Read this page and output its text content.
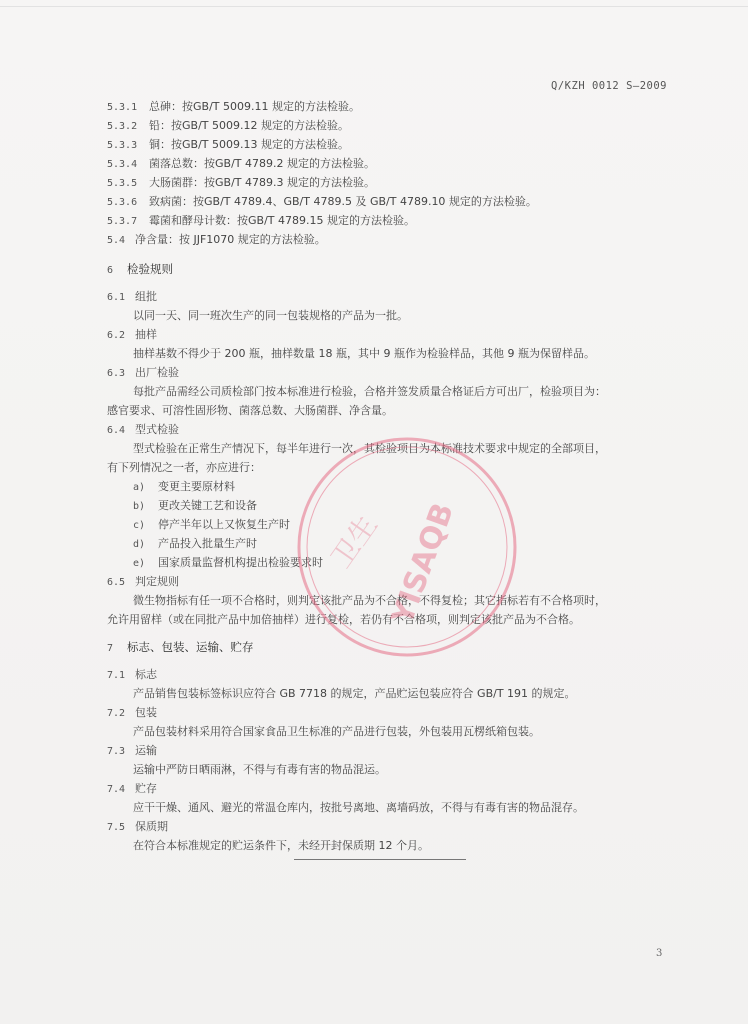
Q/KZH 0012 S—2009
5.3.1 总砷：按GB/T 5009.11 规定的方法检验。
5.3.2 铅：按GB/T 5009.12 规定的方法检验。
5.3.3 铜：按GB/T 5009.13 规定的方法检验。
5.3.4 菌落总数：按GB/T 4789.2 规定的方法检验。
5.3.5 大肠菌群：按GB/T 4789.3 规定的方法检验。
5.3.6 致病菌：按GB/T 4789.4、GB/T 4789.5 及 GB/T 4789.10 规定的方法检验。
5.3.7 霉菌和酵母计数：按GB/T 4789.15 规定的方法检验。
5.4 净含量：按 JJF1070 规定的方法检验。
6 检验规则
6.1 组批
以同一天、同一班次生产的同一包装规格的产品为一批。
6.2 抽样
抽样基数不得少于 200 瓶，抽样数量 18 瓶，其中 9 瓶作为检验样品，其他 9 瓶为保留样品。
6.3 出厂检验
每批产品需经公司质检部门按本标准进行检验，合格并签发质量合格证后方可出厂，检验项目为：
感官要求、可溶性固形物、菌落总数、大肠菌群、净含量。
6.4 型式检验
型式检验在正常生产情况下，每半年进行一次，其检验项目为本标准技术要求中规定的全部项目，
有下列情况之一者，亦应进行：
a) 变更主要原材料
b) 更改关键工艺和设备
c) 停产半年以上又恢复生产时
d) 产品投入批量生产时
e) 国家质量监督机构提出检验要求时
6.5 判定规则
微生物指标有任一项不合格时，则判定该批产品为不合格，不得复检；其它指标若有不合格项时，
允许用留样（或在同批产品中加倍抽样）进行复检，若仍有不合格项，则判定该批产品为不合格。
7 标志、包装、运输、贮存
7.1 标志
产品销售包装标签标识应符合 GB 7718 的规定，产品贮运包装应符合 GB/T 191 的规定。
7.2 包装
产品包装材料采用符合国家食品卫生标准的产品进行包装，外包装用瓦楞纸箱包装。
7.3 运输
运输中严防日晒雨淋，不得与有毒有害的物品混运。
7.4 贮存
应干干燥、通风、避光的常温仓库内，按批号离地、离墙码放，不得与有毒有害的物品混存。
7.5 保质期
在符合本标准规定的贮运条件下，未经开封保质期 12 个月。
3
YISAQB
卫生
